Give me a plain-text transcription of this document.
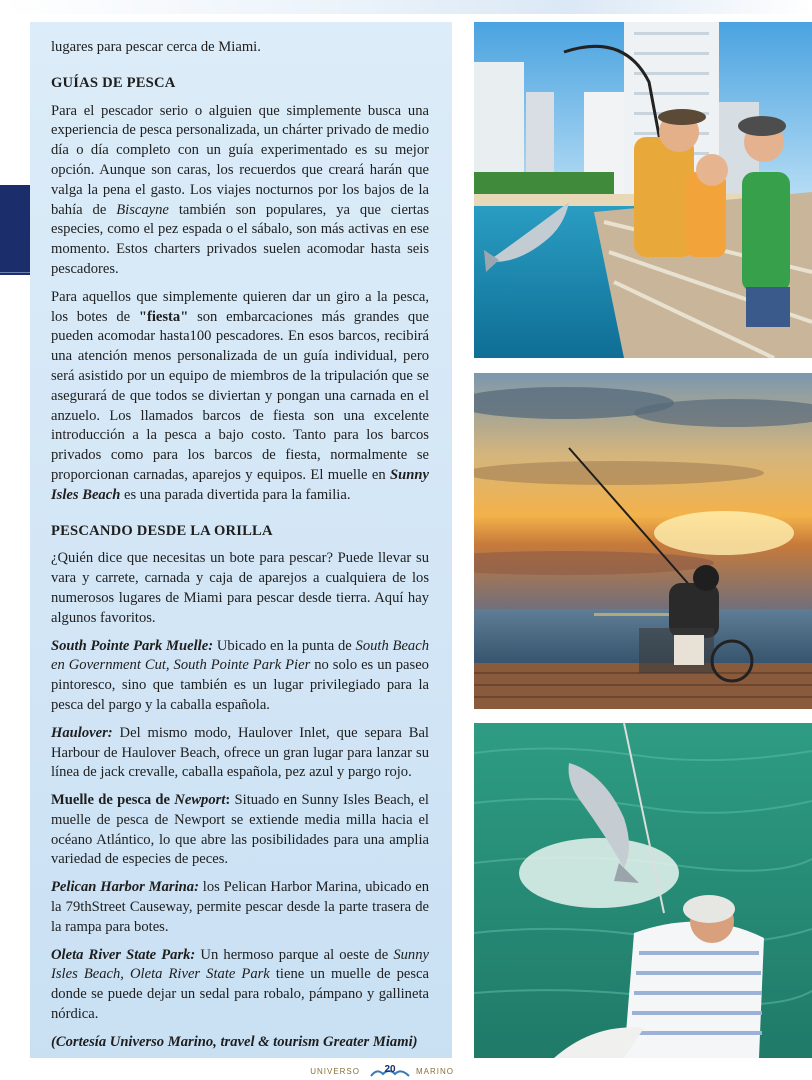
lugares para pescar cerca de Miami.

GUÍAS DE PESCA

Para el pescador serio o alguien que simplemente busca una experiencia de pesca personalizada, un chárter privado de medio día o día completo con un guía experimentado es su mejor opción. Aunque son caras, los recuerdos que creará harán que valga la pena el gasto. Los viajes nocturnos por los bajos de la bahía de Biscayne también son populares, ya que ciertas especies, como el pez espada o el sábalo, son más activas en ese momento. Estos charters privados suelen acomodar hasta seis pescadores.

Para aquellos que simplemente quieren dar un giro a la pesca, los botes de "fiesta" son embarcaciones más grandes que pueden acomodar hasta100 pescadores. En esos barcos, recibirá una atención menos personalizada de un guía individual, pero será asistido por un equipo de miembros de la tripulación que se asegurará de que todos se diviertan y pongan una carnada en el anzuelo. Los llamados barcos de fiesta son una excelente introducción a la pesca a bajo costo. Tanto para los barcos privados como para los barcos de fiesta, normalmente se proporcionan carnadas, aparejos y equipos. El muelle en Sunny Isles Beach es una parada divertida para la familia.

PESCANDO DESDE LA ORILLA

¿Quién dice que necesitas un bote para pescar? Puede llevar su vara y carrete, carnada y caja de aparejos a cualquiera de los numerosos lugares de Miami para pescar desde tierra. Aquí hay algunos favoritos.

South Pointe Park Muelle: Ubicado en la punta de South Beach en Government Cut, South Pointe Park Pier no solo es un paseo pintoresco, sino que también es un lugar privilegiado para la pesca del pargo y la caballa española.

Haulover: Del mismo modo, Haulover Inlet, que separa Bal Harbour de Haulover Beach, ofrece un gran lugar para lanzar su línea de jack crevalle, caballa española, pez azul y pargo rojo.

Muelle de pesca de Newport: Situado en Sunny Isles Beach, el muelle de pesca de Newport se extiende media milla hacia el océano Atlántico, lo que abre las posibilidades para una amplia variedad de especies de peces.

Pelican Harbor Marina: los Pelican Harbor Marina, ubicado en la 79thStreet Causeway, permite pescar desde la parte trasera de la rampa para botes.

Oleta River State Park: Un hermoso parque al oeste de Sunny Isles Beach, Oleta River State Park tiene un muelle de pesca donde se puede dejar un sedal para robalo, pámpano y gallineta nórdica.

(Cortesía Universo Marino, travel & tourism Greater Miami)

UNIVERSO	20	MARINO
